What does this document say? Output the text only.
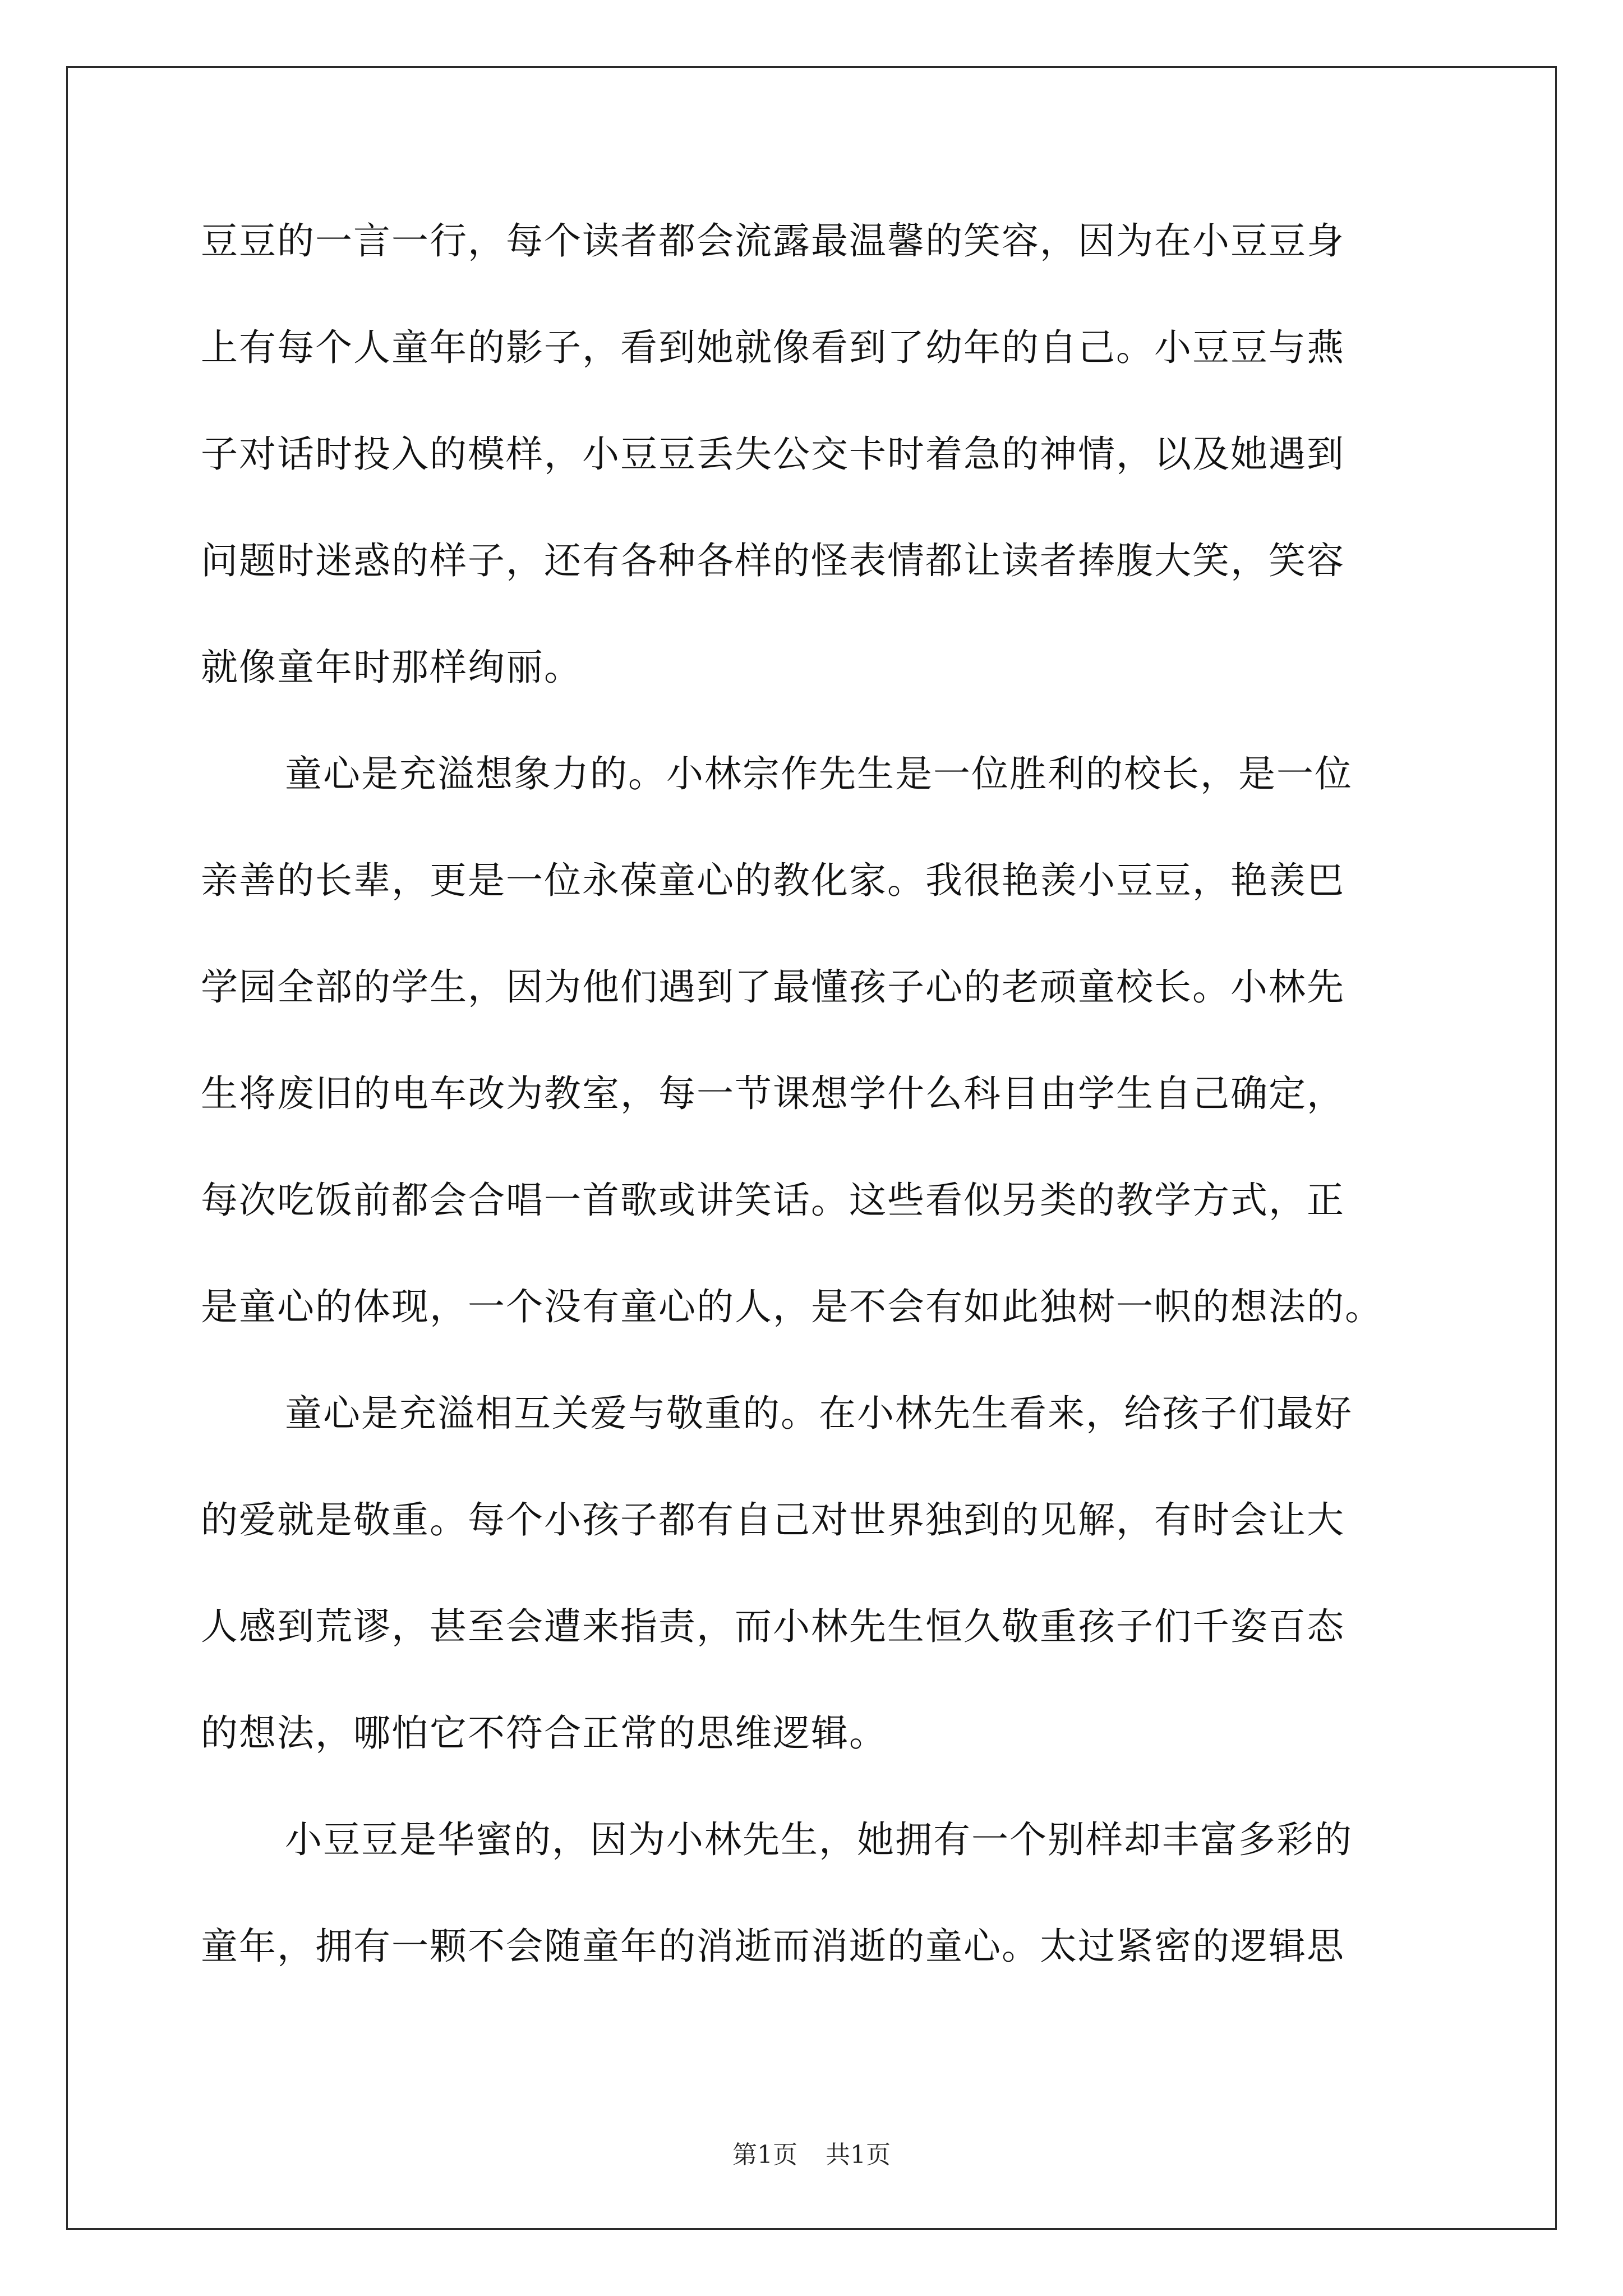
豆豆的一言一行，每个读者都会流露最温馨的笑容，因为在小豆豆身
上有每个人童年的影子，看到她就像看到了幼年的自己。小豆豆与燕
子对话时投入的模样，小豆豆丢失公交卡时着急的神情，以及她遇到
问题时迷惑的样子，还有各种各样的怪表情都让读者捧腹大笑，笑容
就像童年时那样绚丽。
童心是充溢想象力的。小林宗作先生是一位胜利的校长，是一位
亲善的长辈，更是一位永葆童心的教化家。我很艳羡小豆豆，艳羡巴
学园全部的学生，因为他们遇到了最懂孩子心的老顽童校长。小林先
生将废旧的电车改为教室，每一节课想学什么科目由学生自己确定，
每次吃饭前都会合唱一首歌或讲笑话。这些看似另类的教学方式，正
是童心的体现，一个没有童心的人，是不会有如此独树一帜的想法的。
童心是充溢相互关爱与敬重的。在小林先生看来，给孩子们最好
的爱就是敬重。每个小孩子都有自己对世界独到的见解，有时会让大
人感到荒谬，甚至会遭来指责，而小林先生恒久敬重孩子们千姿百态
的想法，哪怕它不符合正常的思维逻辑。
小豆豆是华蜜的，因为小林先生，她拥有一个别样却丰富多彩的
童年，拥有一颗不会随童年的消逝而消逝的童心。太过紧密的逻辑思
第1页 共1页
